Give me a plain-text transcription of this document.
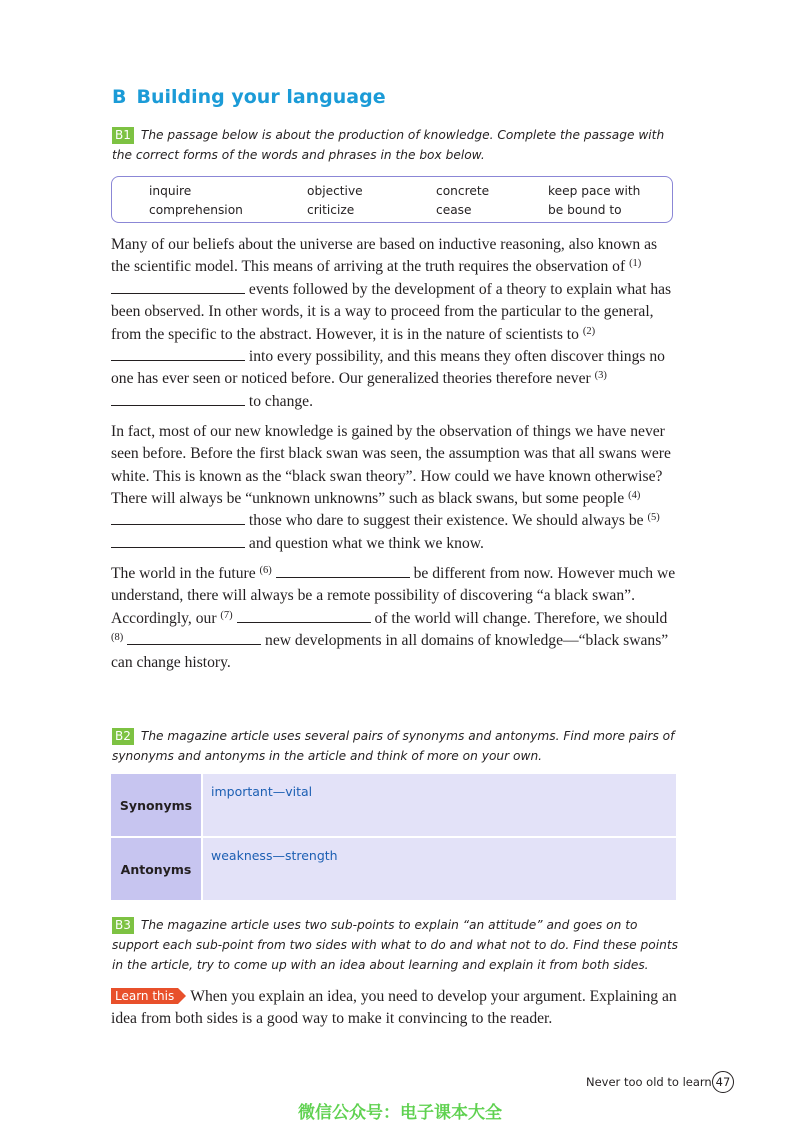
B Building your language
B1 The passage below is about the production of knowledge. Complete the passage with the correct forms of the words and phrases in the box below.
inquire	objective	concrete	keep pace with
comprehension	criticize	cease	be bound to

Many of our beliefs about the universe are based on inductive reasoning, also known as the scientific model. This means of arriving at the truth requires the observation of $^{(1)}$  events followed by the development of a theory to explain what has been observed. In other words, it is a way to proceed from the particular to the general, from the specific to the abstract. However, it is in the nature of scientists to $^{(2)}$  into every possibility, and this means they often discover things no one has ever seen or noticed before. Our generalized theories therefore never $^{(3)}$  to change.

In fact, most of our new knowledge is gained by the observation of things we have never seen before. Before the first black swan was seen, the assumption was that all swans were white. This is known as the “black swan theory”. How could we have known otherwise? There will always be “unknown unknowns” such as black swans, but some people $^{(4)}$  those who dare to suggest their existence. We should always be $^{(5)}$  and question what we think we know.

The world in the future $^{(6)}$	be different from now. However much we understand, there will always be a remote possibility of discovering “a black swan”. Accordingly, our $^{(7)}$	of the world will change. Therefore, we should $^{(8)}$	new developments in all domains of knowledge—“black swans” can change history.

B2 The magazine article uses several pairs of synonyms and antonyms. Find more pairs of synonyms and antonyms in the article and think of more on your own.
Synonyms	important—vital
Antonyms	weakness—strength
B3 The magazine article uses two sub-points to explain “an attitude” and goes on to support each sub-point from two sides with what to do and what not to do. Find these points in the article, try to come up with an idea about learning and explain it from both sides.
Learn this When you explain an idea, you need to develop your argument. Explaining an idea from both sides is a good way to make it convincing to the reader.
Never too old to learn 47
微信公众号：电子课本大全
